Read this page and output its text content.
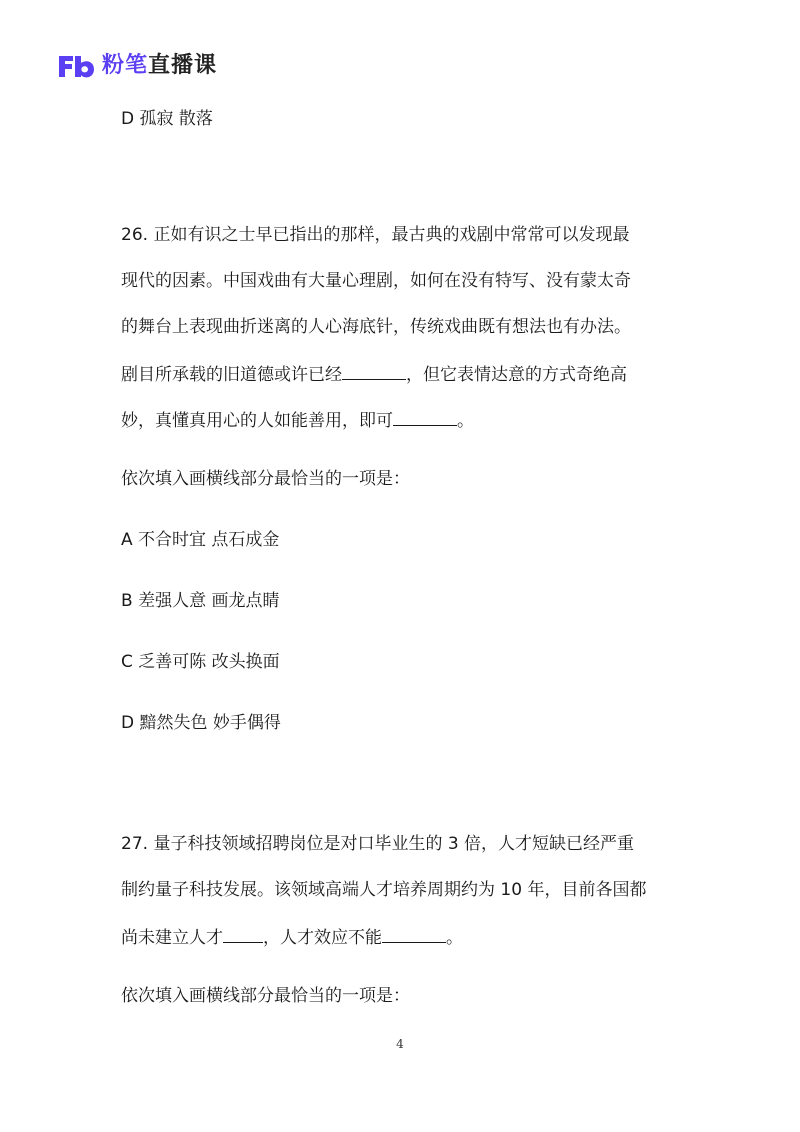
粉笔直播课

D 孤寂 散落

26. 正如有识之士早已指出的那样，最古典的戏剧中常常可以发现最

现代的因素。中国戏曲有大量心理剧，如何在没有特写、没有蒙太奇

的舞台上表现曲折迷离的人心海底针，传统戏曲既有想法也有办法。

剧目所承载的旧道德或许已经	，但它表情达意的方式奇绝高

妙，真懂真用心的人如能善用，即可	。

依次填入画横线部分最恰当的一项是：

A 不合时宜 点石成金

B 差强人意 画龙点睛

C 乏善可陈 改头换面

D 黯然失色 妙手偶得

27. 量子科技领域招聘岗位是对口毕业生的 3 倍，人才短缺已经严重

制约量子科技发展。该领域高端人才培养周期约为 10 年，目前各国都

尚未建立人才 ，人才效应不能	。

依次填入画横线部分最恰当的一项是：

4
